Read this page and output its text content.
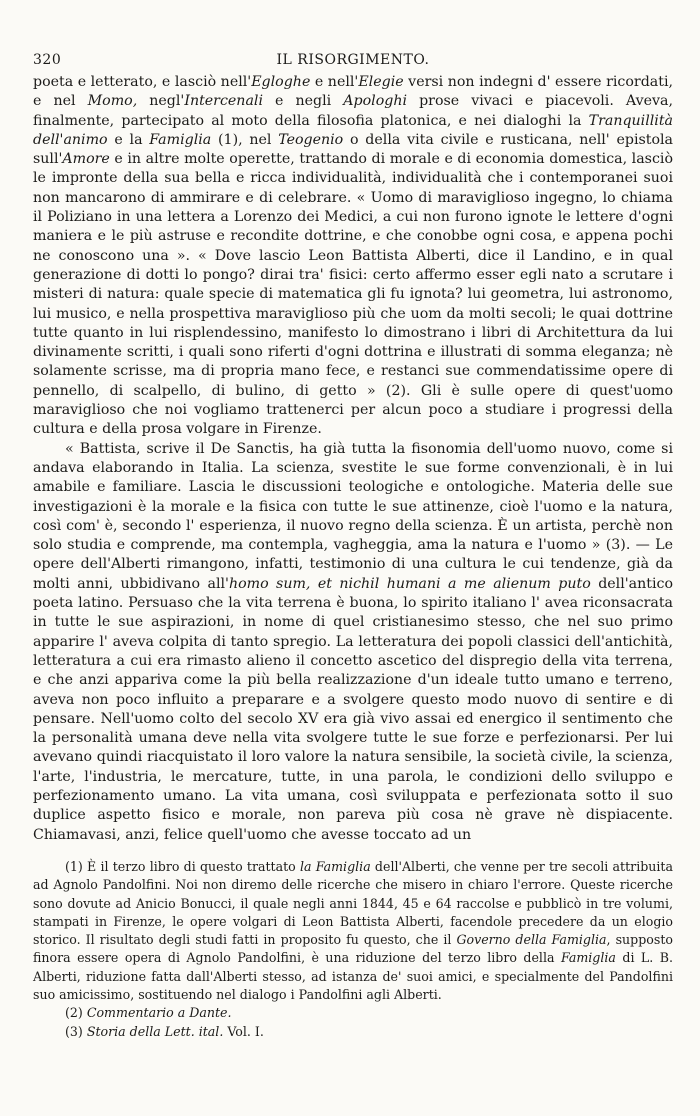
320	IL RISORGIMENTO.

poeta e letterato, e lasciò nell'Egloghe e nell'Elegie versi non indegni d' essere ricordati, e nel Momo, negl'Intercenali e negli Apologhi prose vivaci e piacevoli. Aveva, finalmente, partecipato al moto della filosofia platonica, e nei dialoghi la Tranquillità dell'animo e la Famiglia (1), nel Teogenio o della vita civile e rusticana, nell' epistola sull'Amore e in altre molte operette, trattando di morale e di economia domestica, lasciò le impronte della sua bella e ricca individualità, individualità che i contemporanei suoi non mancarono di ammirare e di celebrare. « Uomo di maraviglioso ingegno, lo chiama il Poliziano in una lettera a Lorenzo dei Medici, a cui non furono ignote le lettere d'ogni maniera e le più astruse e recondite dottrine, e che conobbe ogni cosa, e appena pochi ne conoscono una ». « Dove lascio Leon Battista Alberti, dice il Landino, e in qual generazione di dotti lo pongo? dirai tra' fisici: certo affermo esser egli nato a scrutare i misteri di natura: quale specie di matematica gli fu ignota? lui geometra, lui astronomo, lui musico, e nella prospettiva maraviglioso più che uom da molti secoli; le quai dottrine tutte quanto in lui risplendessino, manifesto lo dimostrano i libri di Architettura da lui divinamente scritti, i quali sono riferti d'ogni dottrina e illustrati di somma eleganza; nè solamente scrisse, ma di propria mano fece, e restanci sue commendatissime opere di pennello, di scalpello, di bulino, di getto » (2). Gli è sulle opere di quest'uomo maraviglioso che noi vogliamo trattenerci per alcun poco a studiare i progressi della cultura e della prosa volgare in Firenze.

« Battista, scrive il De Sanctis, ha già tutta la fisonomia dell'uomo nuovo, come si andava elaborando in Italia. La scienza, svestite le sue forme convenzionali, è in lui amabile e familiare. Lascia le discussioni teologiche e ontologiche. Materia delle sue investigazioni è la morale e la fisica con tutte le sue attinenze, cioè l'uomo e la natura, così com' è, secondo l' esperienza, il nuovo regno della scienza. È un artista, perchè non solo studia e comprende, ma contempla, vagheggia, ama la natura e l'uomo » (3). — Le opere dell'Alberti rimangono, infatti, testimonio di una cultura le cui tendenze, già da molti anni, ubbidivano all'homo sum, et nichil humani a me alienum puto dell'antico poeta latino. Persuaso che la vita terrena è buona, lo spirito italiano l' avea riconsacrata in tutte le sue aspirazioni, in nome di quel cristianesimo stesso, che nel suo primo apparire l' aveva colpita di tanto spregio. La letteratura dei popoli classici dell'antichità, letteratura a cui era rimasto alieno il concetto ascetico del dispregio della vita terrena, e che anzi appariva come la più bella realizzazione d'un ideale tutto umano e terreno, aveva non poco influito a preparare e a svolgere questo modo nuovo di sentire e di pensare. Nell'uomo colto del secolo XV era già vivo assai ed energico il sentimento che la personalità umana deve nella vita svolgere tutte le sue forze e perfezionarsi. Per lui avevano quindi riacquistato il loro valore la natura sensibile, la società civile, la scienza, l'arte, l'industria, le mercature, tutte, in una parola, le condizioni dello sviluppo e perfezionamento umano. La vita umana, così sviluppata e perfezionata sotto il suo duplice aspetto fisico e morale, non pareva più cosa nè grave nè dispiacente. Chiamavasi, anzi, felice quell'uomo che avesse toccato ad un

(1) È il terzo libro di questo trattato la Famiglia dell'Alberti, che venne per tre secoli attribuita ad Agnolo Pandolfini. Noi non diremo delle ricerche che misero in chiaro l'errore. Queste ricerche sono dovute ad Anicio Bonucci, il quale negli anni 1844, 45 e 64 raccolse e pubblicò in tre volumi, stampati in Firenze, le opere volgari di Leon Battista Alberti, facendole precedere da un elogio storico. Il risultato degli studi fatti in proposito fu questo, che il Governo della Famiglia, supposto finora essere opera di Agnolo Pandolfini, è una riduzione del terzo libro della Famiglia di L. B. Alberti, riduzione fatta dall'Alberti stesso, ad istanza de' suoi amici, e specialmente del Pandolfini suo amicissimo, sostituendo nel dialogo i Pandolfini agli Alberti.

(2) Commentario a Dante.

(3) Storia della Lett. ital. Vol. I.
